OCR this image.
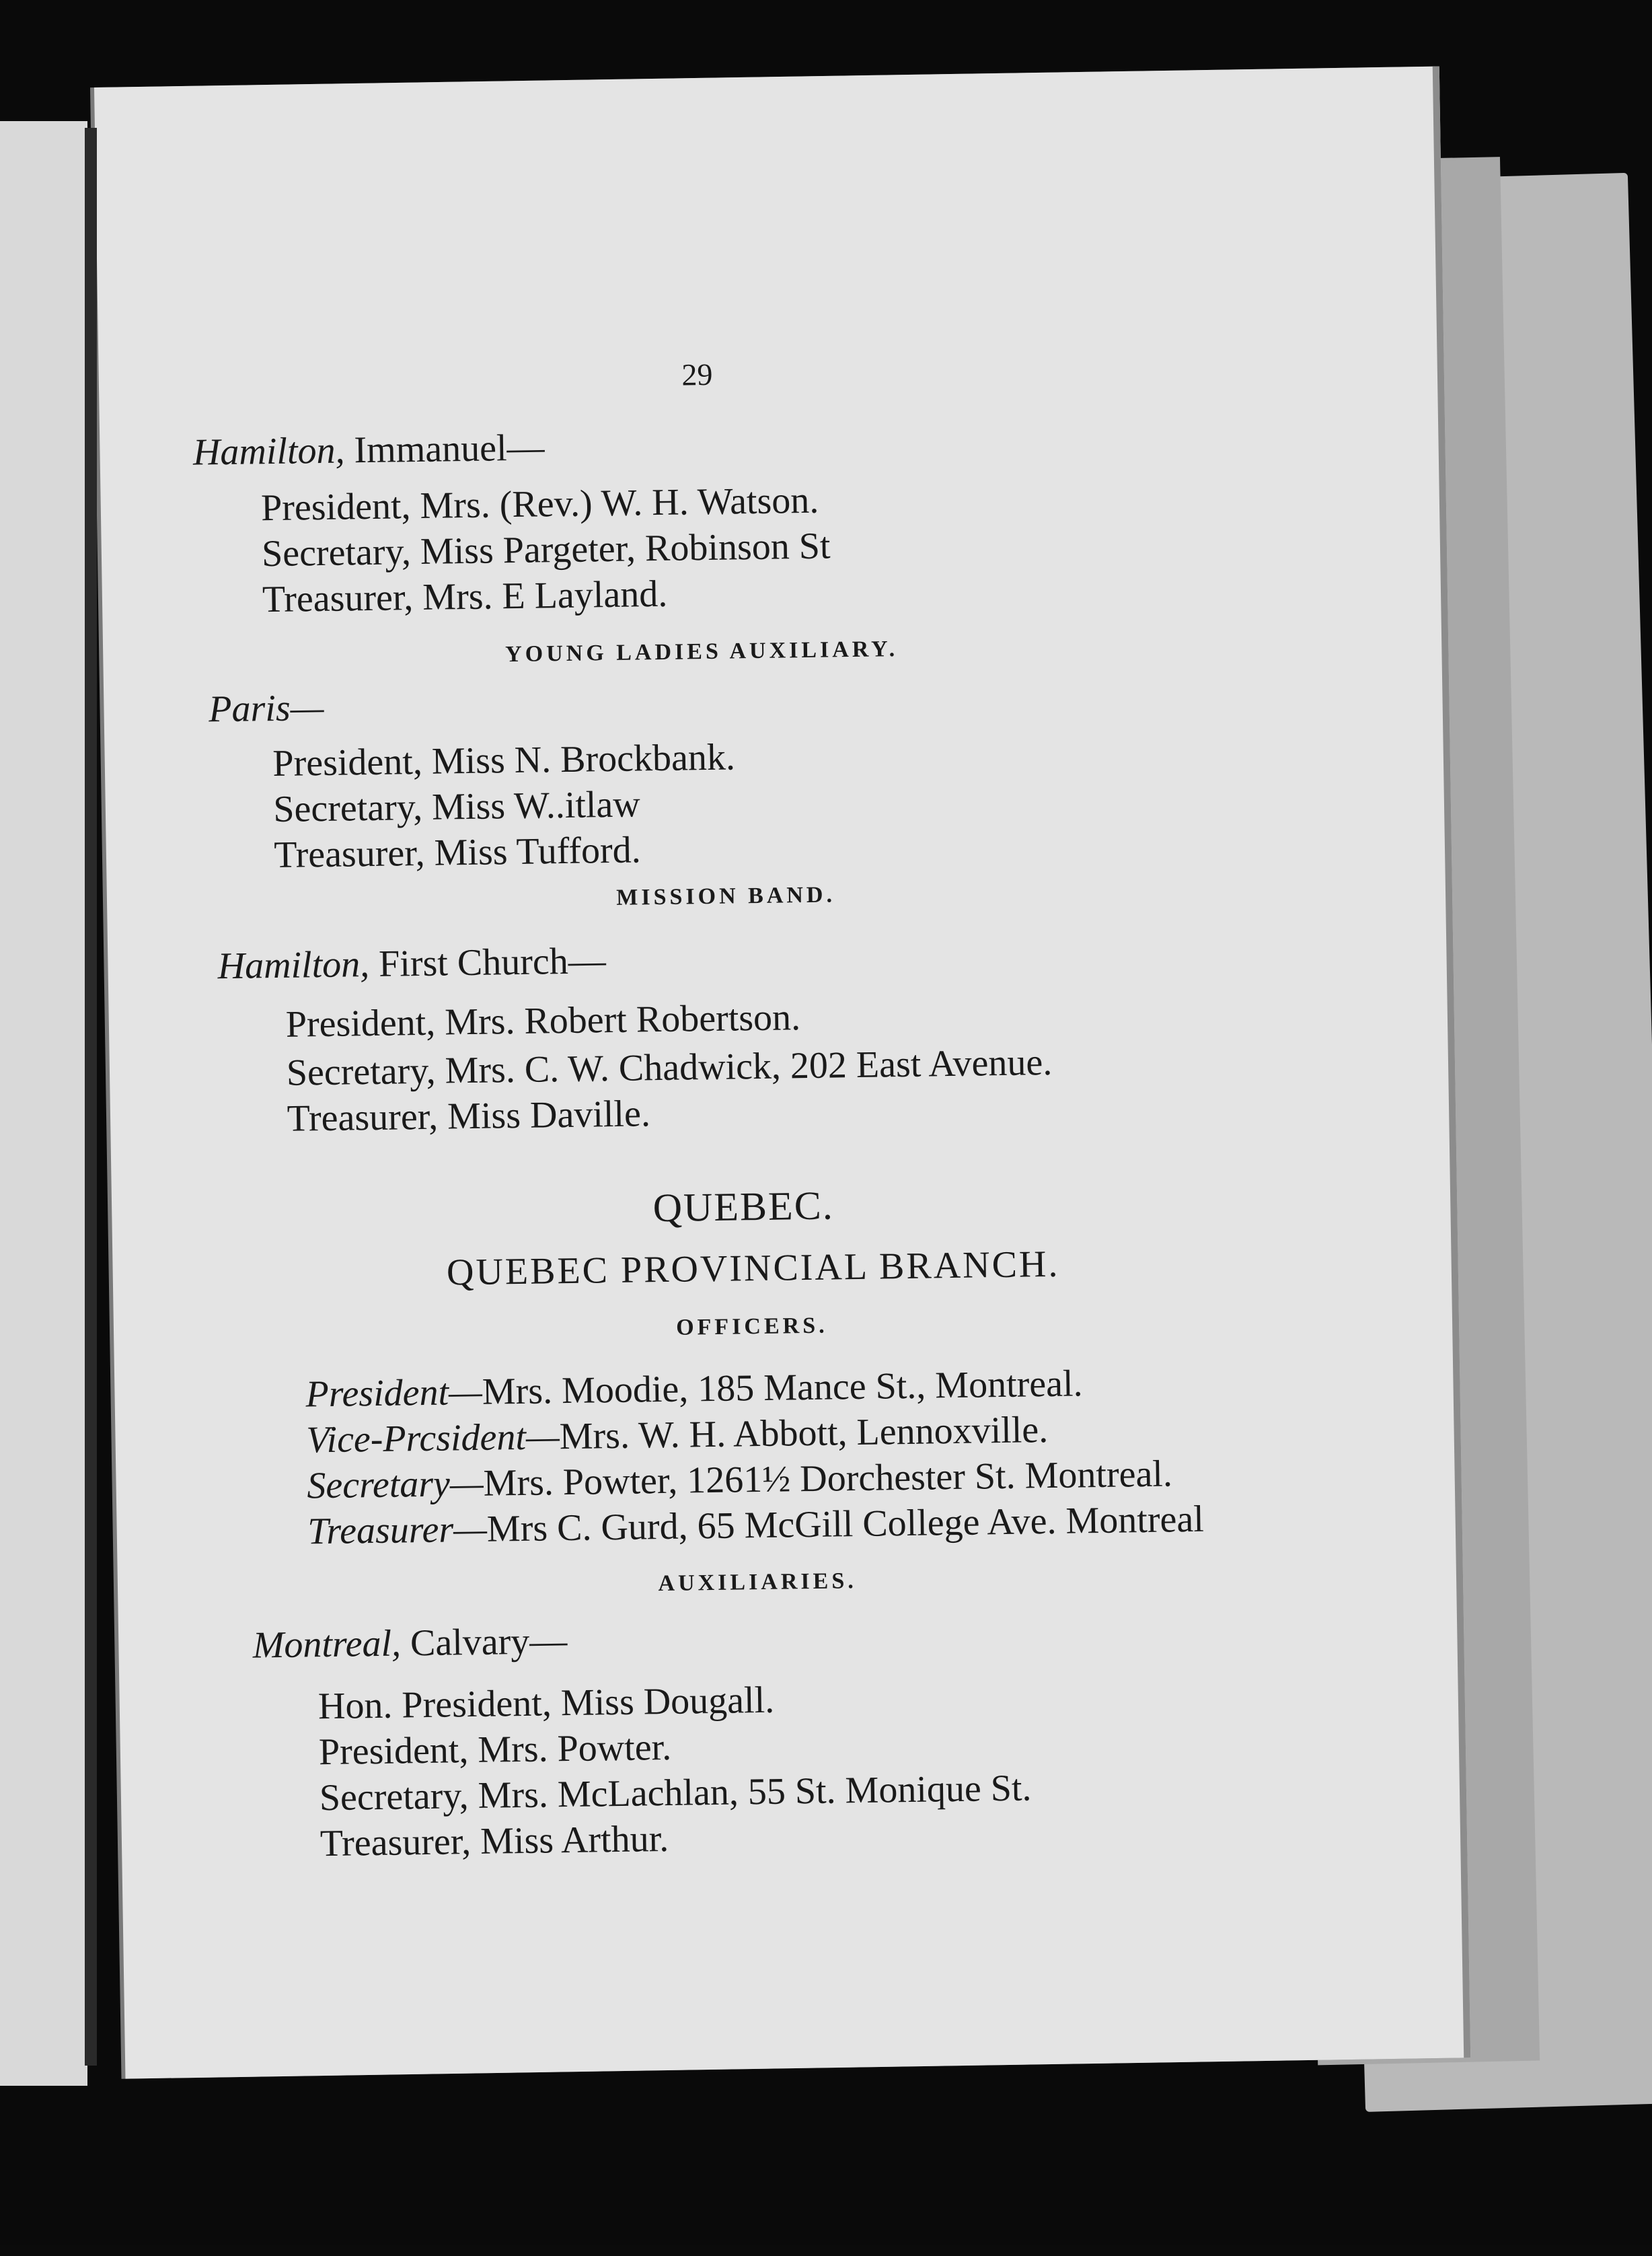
29
Hamilton, Immanuel—
President, Mrs. (Rev.) W. H. Watson.
Secretary, Miss Pargeter, Robinson St
Treasurer, Mrs. E Layland.
YOUNG LADIES AUXILIARY.
Paris—
President, Miss N. Brockbank.
Secretary, Miss W..itlaw
Treasurer, Miss Tufford.
MISSION BAND.
Hamilton, First Church—
President, Mrs. Robert Robertson.
Secretary, Mrs. C. W. Chadwick, 202 East Avenue.
Treasurer, Miss Daville.
QUEBEC.
QUEBEC PROVINCIAL BRANCH.
OFFICERS.
President—Mrs. Moodie, 185 Mance St., Montreal.
Vice-Prcsident—Mrs. W. H. Abbott, Lennoxville.
Secretary—Mrs. Powter, 1261½ Dorchester St. Montreal.
Treasurer—Mrs C. Gurd, 65 McGill College Ave. Montreal
AUXILIARIES.
Montreal, Calvary—
Hon. President, Miss Dougall.
President, Mrs. Powter.
Secretary, Mrs. McLachlan, 55 St. Monique St.
Treasurer, Miss Arthur.
